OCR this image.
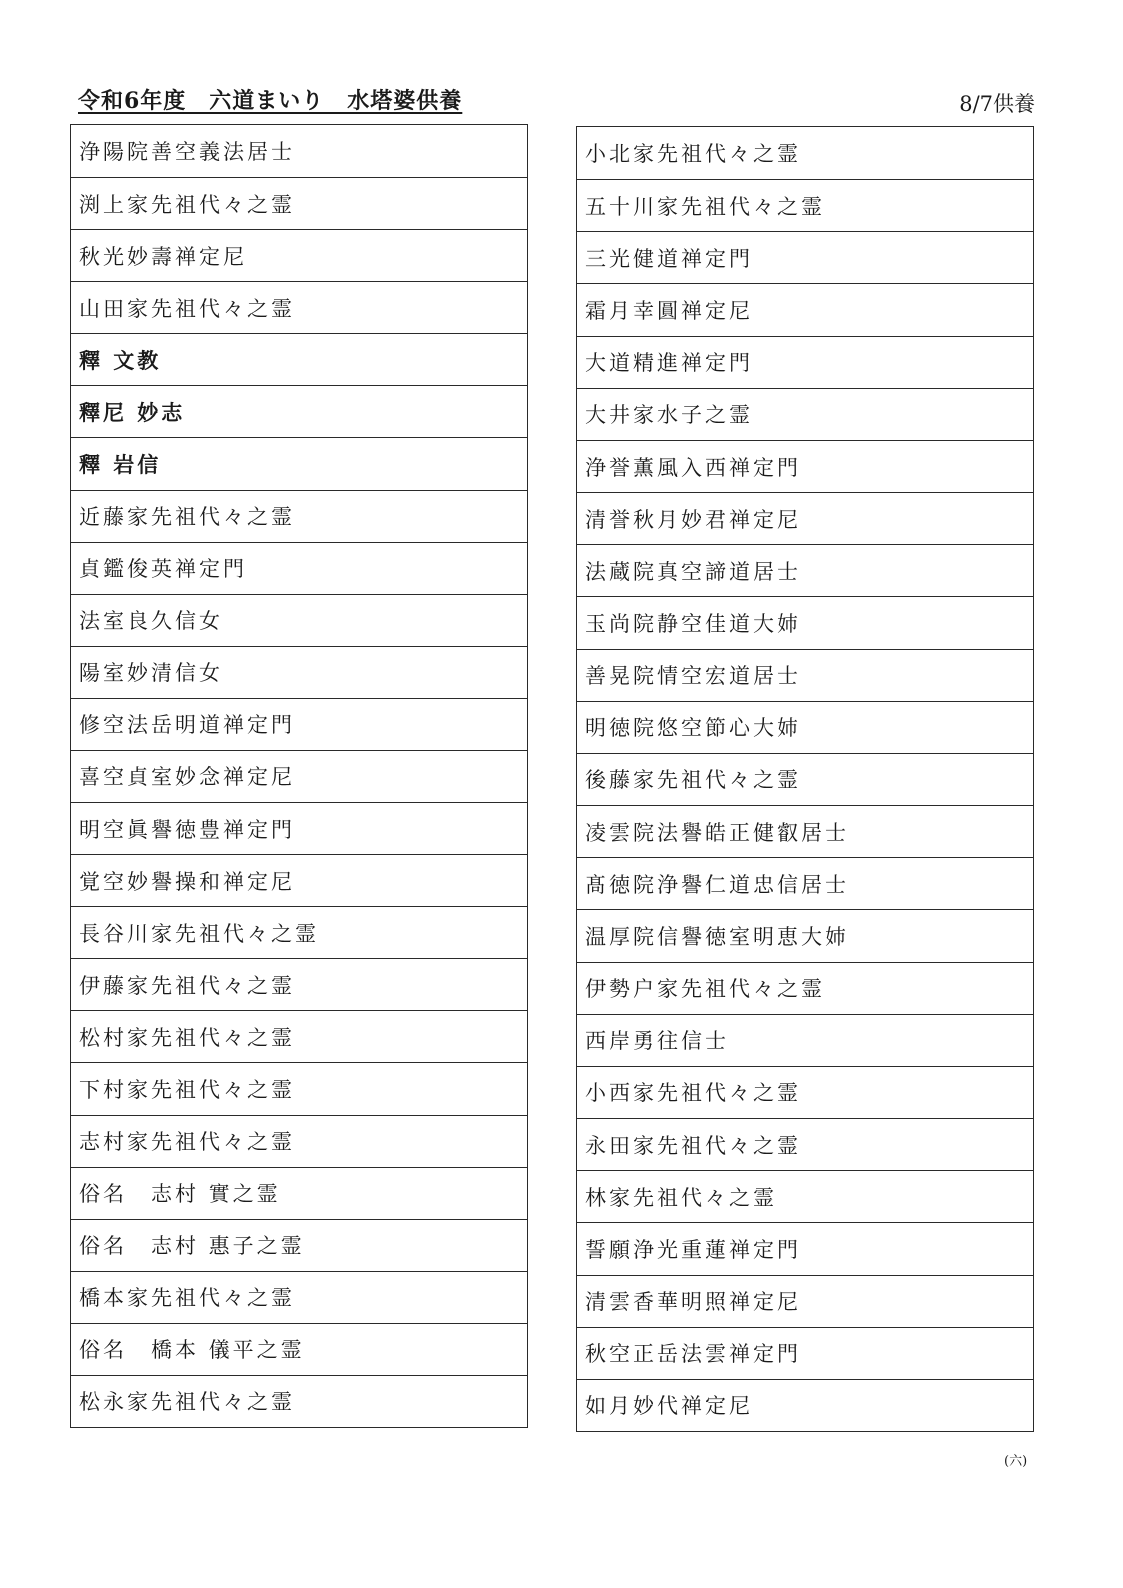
令和6年度　六道まいり　水塔婆供養	8/7供養
浄陽院善空義法居士
渕上家先祖代々之霊
秋光妙壽禅定尼
山田家先祖代々之霊
釋 文教
釋尼 妙志
釋 岩信
近藤家先祖代々之霊
貞鑑俊英禅定門
法室良久信女
陽室妙清信女
修空法岳明道禅定門
喜空貞室妙念禅定尼
明空眞譽徳豊禅定門
覚空妙譽操和禅定尼
長谷川家先祖代々之霊
伊藤家先祖代々之霊
松村家先祖代々之霊
下村家先祖代々之霊
志村家先祖代々之霊
俗名　志村 實之霊
俗名　志村 惠子之霊
橋本家先祖代々之霊
俗名　橋本 儀平之霊
松永家先祖代々之霊
小北家先祖代々之霊
五十川家先祖代々之霊
三光健道禅定門
霜月幸圓禅定尼
大道精進禅定門
大井家水子之霊
浄誉薫風入西禅定門
清誉秋月妙君禅定尼
法蔵院真空諦道居士
玉尚院静空佳道大姉
善晃院情空宏道居士
明徳院悠空節心大姉
後藤家先祖代々之霊
凌雲院法譽皓正健叡居士
髙徳院浄譽仁道忠信居士
温厚院信譽徳室明恵大姉
伊勢户家先祖代々之霊
西岸勇往信士
小西家先祖代々之霊
永田家先祖代々之霊
林家先祖代々之霊
誓願浄光重蓮禅定門
清雲香華明照禅定尼
秋空正岳法雲禅定門
如月妙代禅定尼
(六)
